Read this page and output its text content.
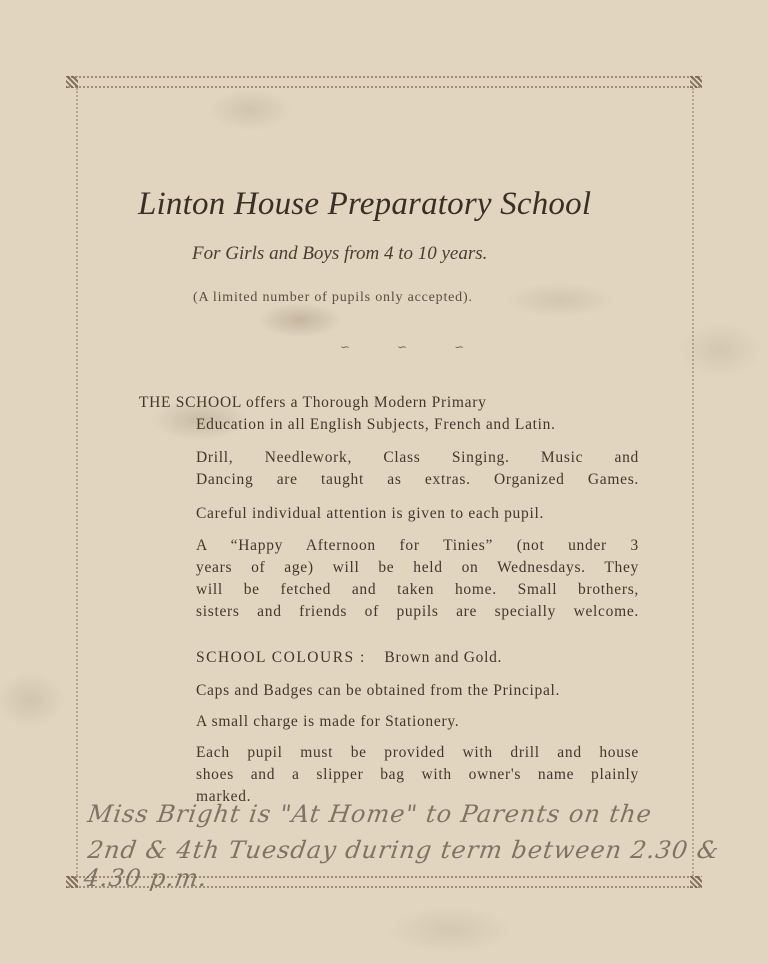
Linton House Preparatory School
For Girls and Boys from 4 to 10 years.
(A limited number of pupils only accepted).
∽ ∽ ∽
THE SCHOOL offers a Thorough Modern Primary
Education in all English Subjects, French and Latin.
Drill, Needlework, Class Singing. Music and
Dancing are taught as extras. Organized Games.
Careful individual attention is given to each pupil.
A “Happy Afternoon for Tinies” (not under 3
years of age) will be held on Wednesdays. They
will be fetched and taken home. Small brothers,
sisters and friends of pupils are specially welcome.
SCHOOL COLOURS : Brown and Gold.
Caps and Badges can be obtained from the Principal.
A small charge is made for Stationery.
Each pupil must be provided with drill and house
shoes and a slipper bag with owner's name plainly
marked.
Miss Bright is "At Home" to Parents on the
2nd & 4th Tuesday during term between 2.30 & 4.30 p.m.
